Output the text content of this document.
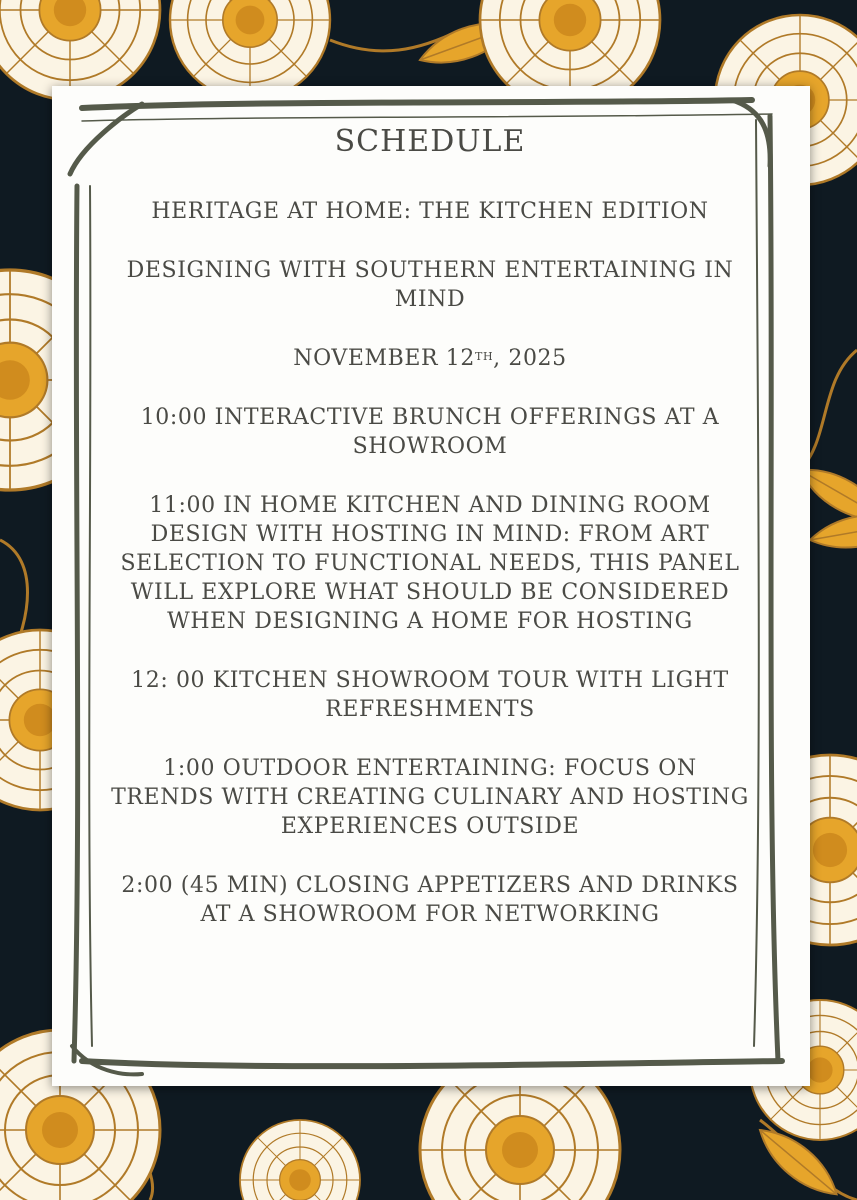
SCHEDULE

HERITAGE AT HOME: THE KITCHEN EDITION

DESIGNING WITH SOUTHERN ENTERTAINING IN MIND

NOVEMBER 12TH, 2025

10:00 INTERACTIVE BRUNCH OFFERINGS AT A SHOWROOM

11:00 IN HOME KITCHEN AND DINING ROOM DESIGN WITH HOSTING IN MIND: FROM ART SELECTION TO FUNCTIONAL NEEDS, THIS PANEL WILL EXPLORE WHAT SHOULD BE CONSIDERED WHEN DESIGNING A HOME FOR HOSTING

12: 00 KITCHEN SHOWROOM TOUR WITH LIGHT REFRESHMENTS

1:00 OUTDOOR ENTERTAINING: FOCUS ON TRENDS WITH CREATING CULINARY AND HOSTING EXPERIENCES OUTSIDE

2:00 (45 MIN) CLOSING APPETIZERS AND DRINKS AT A SHOWROOM FOR NETWORKING
